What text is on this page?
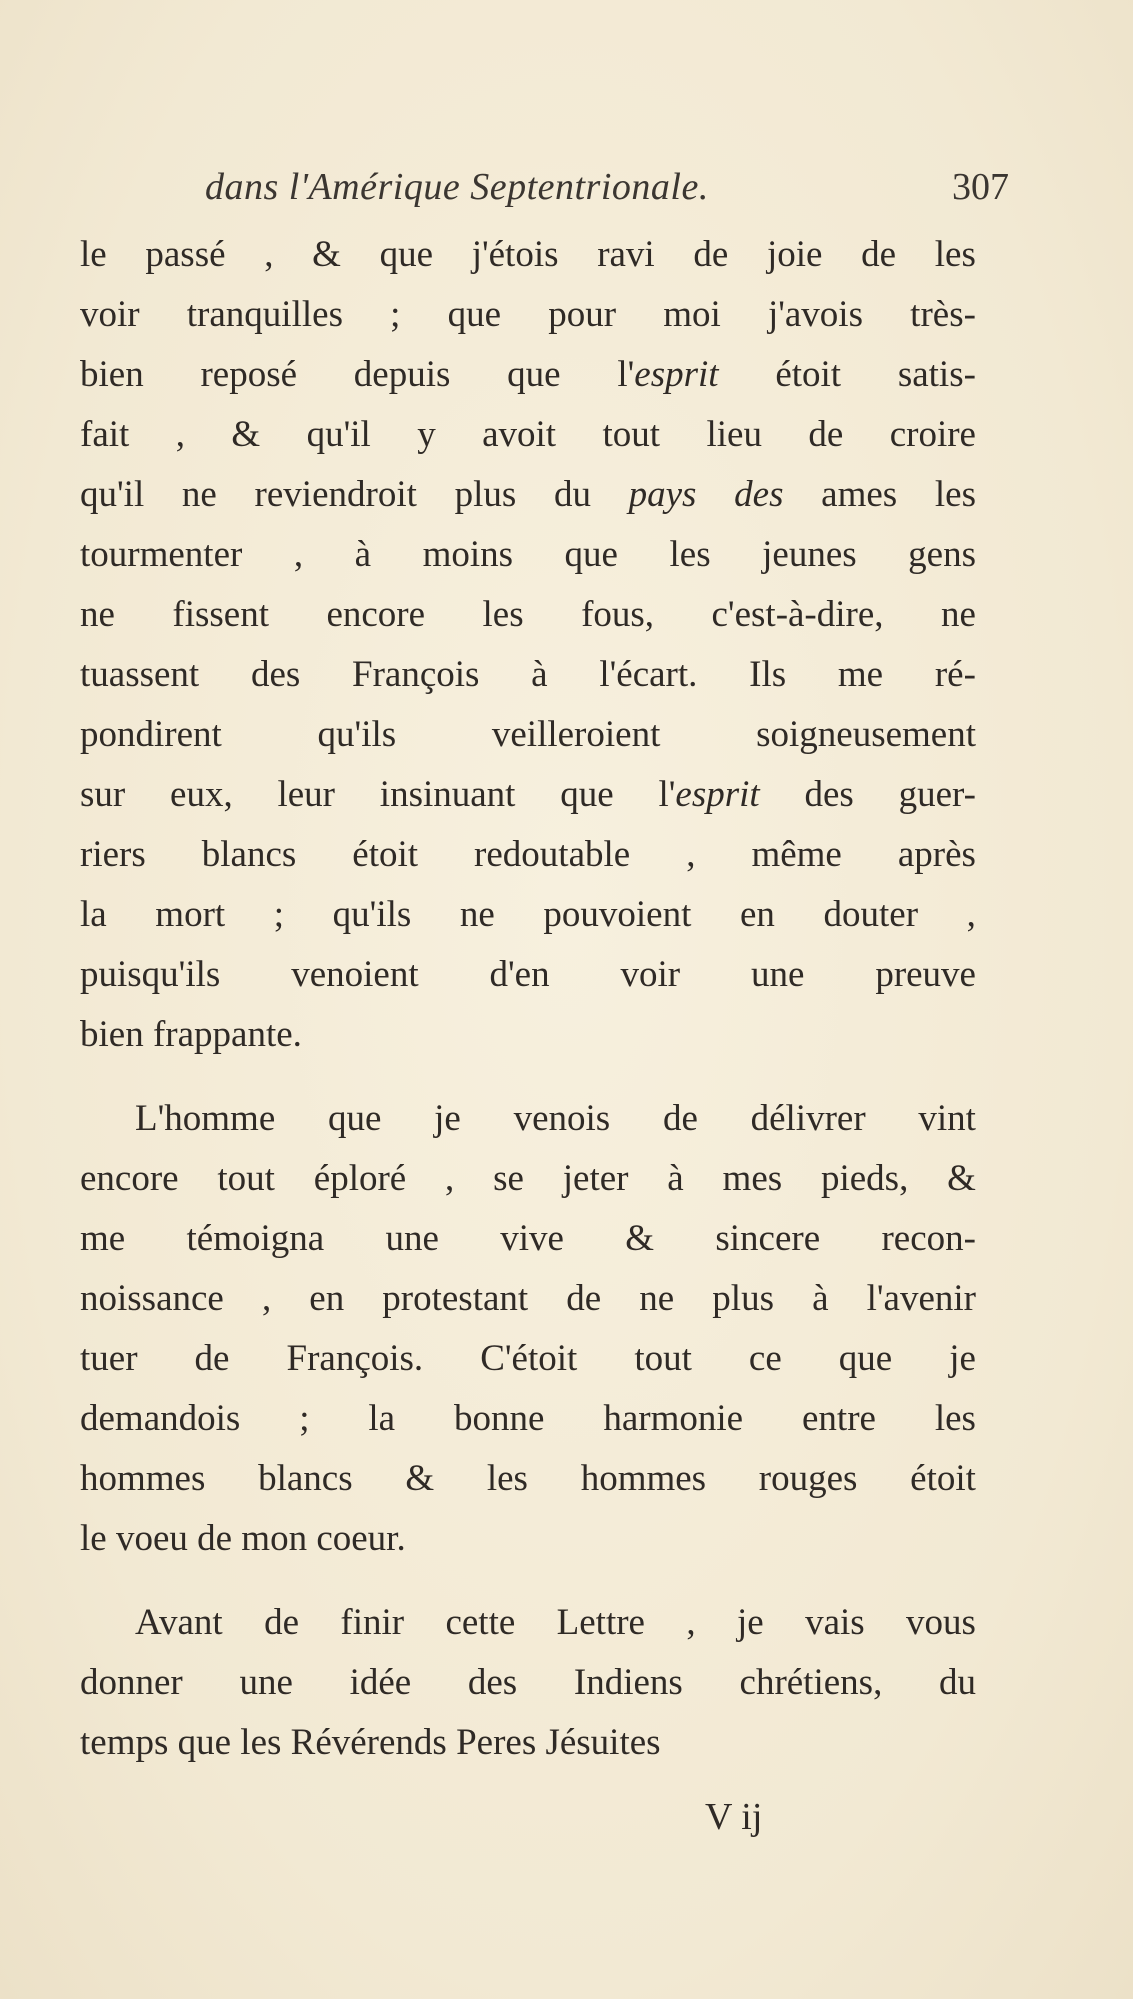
dans l'Amérique Septentrionale.	307
le passé , & que j'étois ravi de joie de les
voir tranquilles ; que pour moi j'avois très-
bien reposé depuis que l'esprit étoit satis-
fait , & qu'il y avoit tout lieu de croire
qu'il ne reviendroit plus du pays des ames les
tourmenter , à moins que les jeunes gens
ne fissent encore les fous, c'est-à-dire, ne
tuassent des François à l'écart. Ils me ré-
pondirent	qu'ils	veilleroient	soigneusement
sur eux, leur insinuant que l'esprit des guer-
riers blancs étoit redoutable , même après
la mort ; qu'ils ne pouvoient en douter ,
puisqu'ils venoient d'en voir une preuve
bien frappante.
L'homme que je venois de délivrer vint
encore tout éploré , se jeter à mes pieds, &
me témoigna une vive & sincere recon-
noissance , en protestant de ne plus à l'avenir
tuer de François. C'étoit tout ce que je
demandois ; la bonne harmonie entre les
hommes blancs & les hommes rouges étoit
le voeu de mon coeur.
Avant de finir cette Lettre , je vais vous
donner une idée des Indiens chrétiens, du
temps que les Révérends Peres Jésuites
V ij
